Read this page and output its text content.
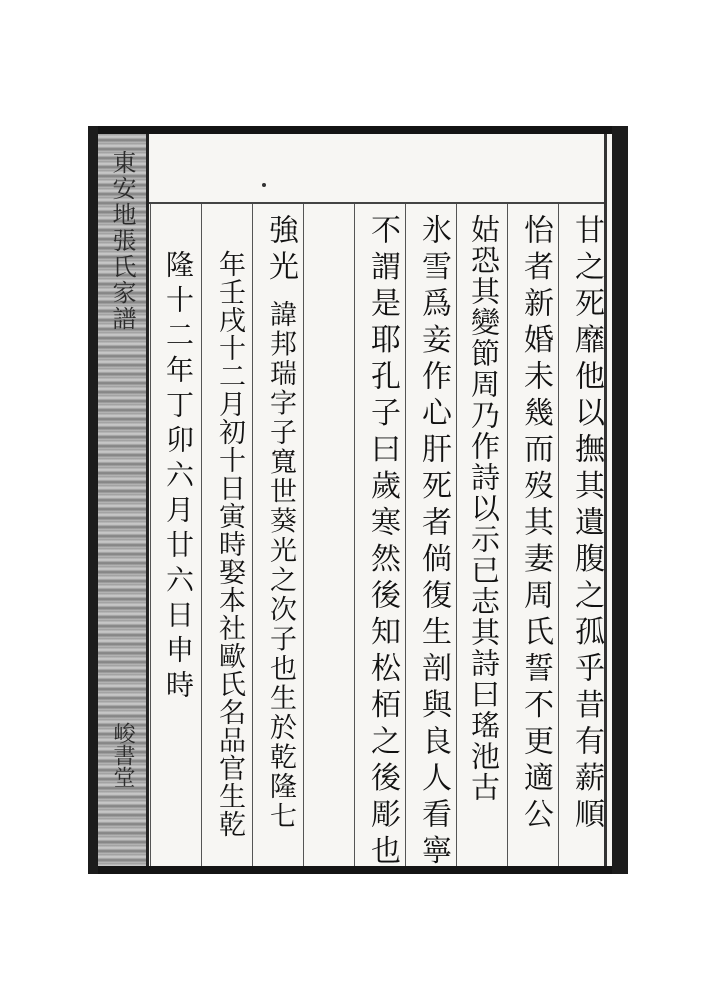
東安地張氏家譜
峻書堂	甘之死靡他以撫其遺腹之孤乎昔有薪順
怡者新婚未幾而歿其妻周氏誓不更適公
姑恐其變節周乃作詩以示已志其詩曰瑤池古
氷雪爲妾作心肝死者倘復生剖與良人看寧
不謂是耶孔子曰歲寒然後知松栢之後彫也
強光
諱邦瑞字子寬世葵光之次子也生於乾隆七
年壬戌十二月初十日寅時娶本社歐氏名品官生乾
隆十二年丁卯六月廿六日申時
